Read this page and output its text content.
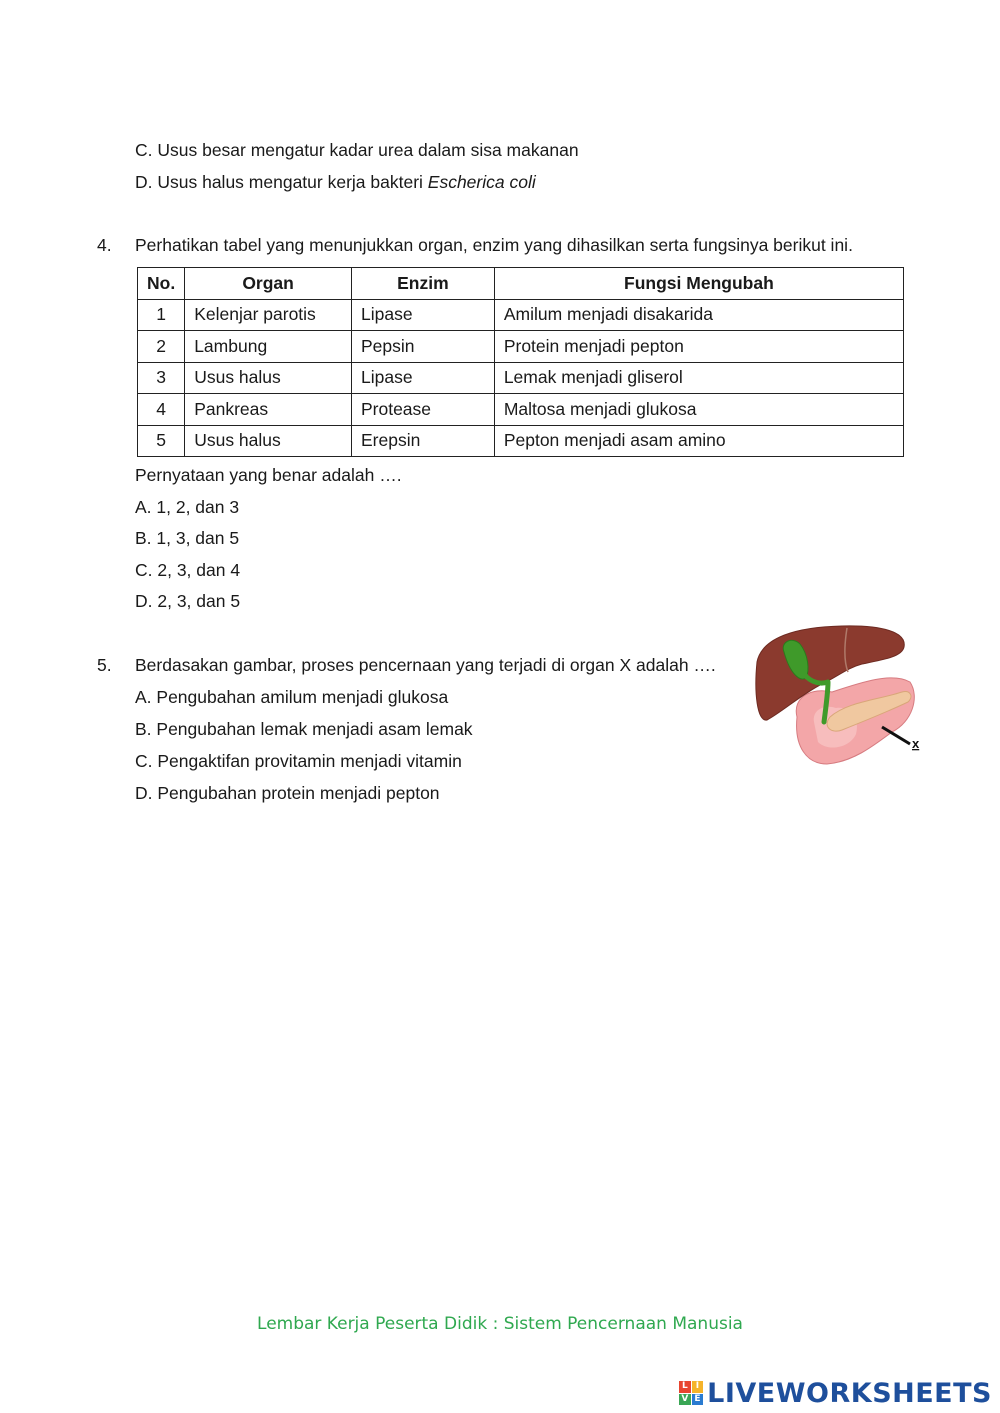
C. Usus besar mengatur kadar urea dalam sisa makanan
D. Usus halus mengatur kerja bakteri Escherica coli
4. Perhatikan tabel yang menunjukkan organ, enzim yang dihasilkan serta fungsinya berikut ini.
No.	Organ	Enzim	Fungsi Mengubah
1	Kelenjar parotis	Lipase	Amilum menjadi disakarida
2	Lambung	Pepsin	Protein menjadi pepton
3	Usus halus	Lipase	Lemak menjadi gliserol
4	Pankreas	Protease	Maltosa menjadi glukosa
5	Usus halus	Erepsin	Pepton menjadi asam amino
Pernyataan yang benar adalah ….
A. 1, 2, dan 3
B. 1, 3, dan 5
C. 2, 3, dan 4
D. 2, 3, dan 5
5. Berdasakan gambar, proses pencernaan yang terjadi di organ X adalah ….
A. Pengubahan amilum menjadi glukosa
B. Pengubahan lemak menjadi asam lemak
C. Pengaktifan provitamin menjadi vitamin
D. Pengubahan protein menjadi pepton
x
Lembar Kerja Peserta Didik : Sistem Pencernaan Manusia
L I
V E LIVEWORKSHEETS
